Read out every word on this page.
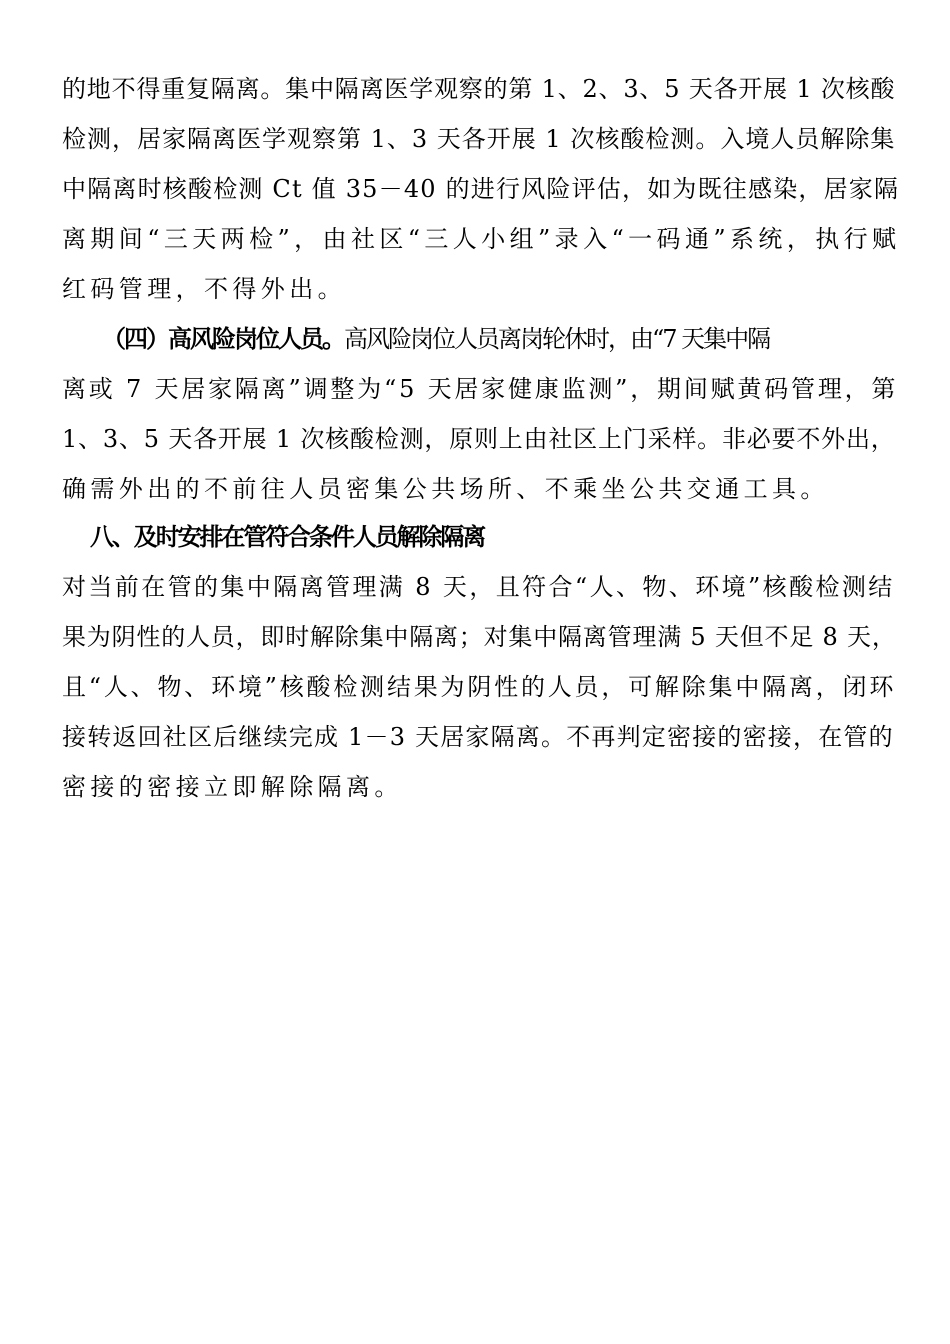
的地不得重复隔离。集中隔离医学观察的第 1、2、3、5 天各开展 1 次核酸
检测，居家隔离医学观察第 1、3 天各开展 1 次核酸检测。入境人员解除集
中隔离时核酸检测 Ct 值 35－40 的进行风险评估，如为既往感染，居家隔
离期间“三天两检”，由社区“三人小组”录入“一码通”系统，执行赋
红码管理，不得外出。
（四）高风险岗位人员。高风险岗位人员离岗轮休时，由“7 天集中隔
离或 7 天居家隔离”调整为“5 天居家健康监测”，期间赋黄码管理，第
1、3、5 天各开展 1 次核酸检测，原则上由社区上门采样。非必要不外出，
确需外出的不前往人员密集公共场所、不乘坐公共交通工具。
八、及时安排在管符合条件人员解除隔离
对当前在管的集中隔离管理满 8 天，且符合“人、物、环境”核酸检测结
果为阴性的人员，即时解除集中隔离；对集中隔离管理满 5 天但不足 8 天，
且“人、物、环境”核酸检测结果为阴性的人员，可解除集中隔离，闭环
接转返回社区后继续完成 1－3 天居家隔离。不再判定密接的密接，在管的
密接的密接立即解除隔离。
